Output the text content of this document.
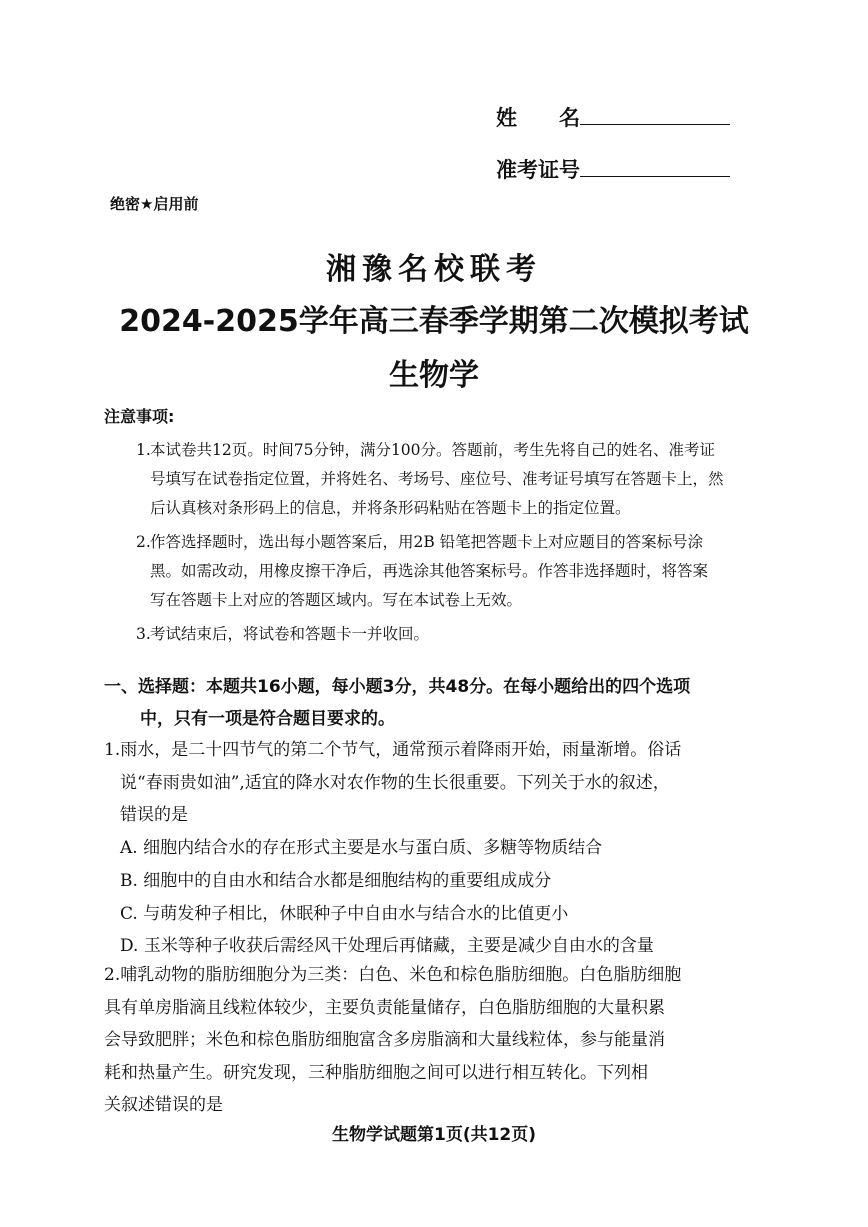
姓　　名
准考证号
绝密★启用前
湘豫名校联考
2024-2025学年高三春季学期第二次模拟考试
生物学
注意事项:
1. 本试卷共12页。时间75分钟，满分100分。答题前，考生先将自己的姓名、准考证
号填写在试卷指定位置，并将姓名、考场号、座位号、准考证号填写在答题卡上，然
后认真核对条形码上的信息，并将条形码粘贴在答题卡上的指定位置。
2. 作答选择题时，选出每小题答案后，用2B 铅笔把答题卡上对应题目的答案标号涂
黑。如需改动，用橡皮擦干净后，再选涂其他答案标号。作答非选择题时，将答案
写在答题卡上对应的答题区域内。写在本试卷上无效。
3. 考试结束后，将试卷和答题卡一并收回。
一、选择题：本题共16小题，每小题3分，共48分。在每小题给出的四个选项
中，只有一项是符合题目要求的。
1.雨水，是二十四节气的第二个节气，通常预示着降雨开始，雨量渐增。俗话
说“春雨贵如油”,适宜的降水对农作物的生长很重要。下列关于水的叙述，
错误的是
A. 细胞内结合水的存在形式主要是水与蛋白质、多糖等物质结合
B. 细胞中的自由水和结合水都是细胞结构的重要组成成分
C. 与萌发种子相比，休眠种子中自由水与结合水的比值更小
D. 玉米等种子收获后需经风干处理后再储藏，主要是减少自由水的含量
2.哺乳动物的脂肪细胞分为三类：白色、米色和棕色脂肪细胞。白色脂肪细胞
具有单房脂滴且线粒体较少，主要负责能量储存，白色脂肪细胞的大量积累
会导致肥胖；米色和棕色脂肪细胞富含多房脂滴和大量线粒体，参与能量消
耗和热量产生。研究发现，三种脂肪细胞之间可以进行相互转化。下列相
关叙述错误的是
生物学试题第1页(共12页)
